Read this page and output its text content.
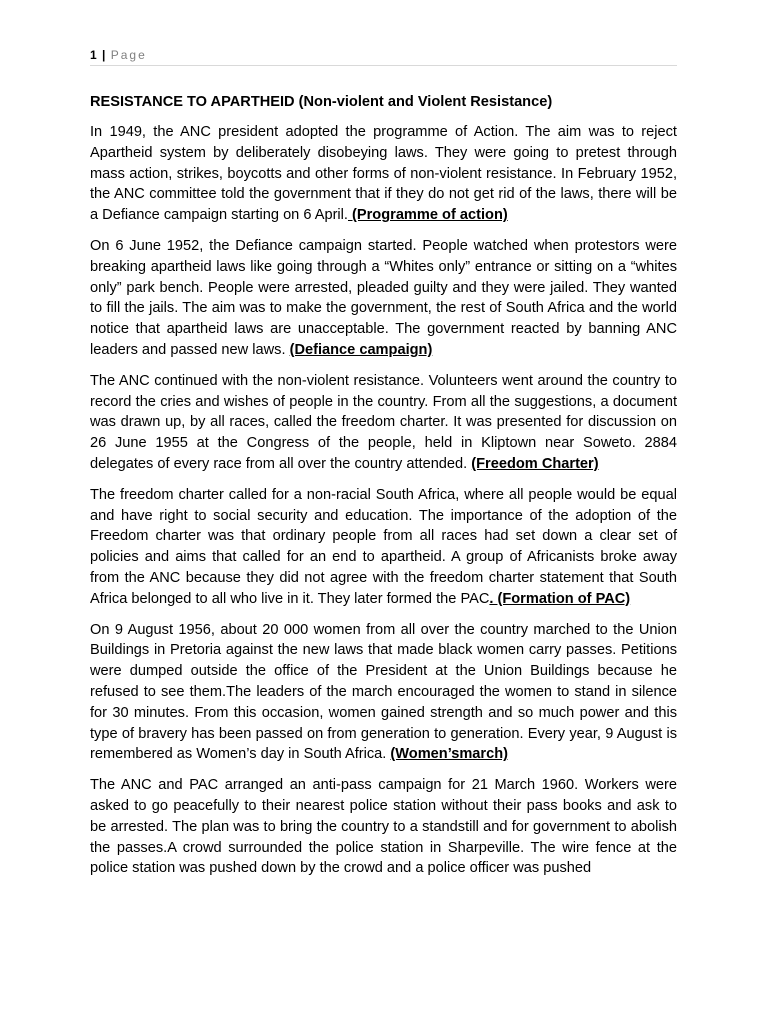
1 | Page
RESISTANCE TO APARTHEID (Non-violent and Violent Resistance)

In 1949, the ANC president adopted the programme of Action. The aim was to reject Apartheid system by deliberately disobeying laws. They were going to pretest through mass action, strikes, boycotts and other forms of non-violent resistance. In February 1952, the ANC committee told the government that if they do not get rid of the laws, there will be a Defiance campaign starting on 6 April. (Programme of action)

On 6 June 1952, the Defiance campaign started. People watched when protestors were breaking apartheid laws like going through a “Whites only” entrance or sitting on a “whites only” park bench. People were arrested, pleaded guilty and they were jailed. They wanted to fill the jails. The aim was to make the government, the rest of South Africa and the world notice that apartheid laws are unacceptable. The government reacted by banning ANC leaders and passed new laws. (Defiance campaign)

The ANC continued with the non-violent resistance. Volunteers went around the country to record the cries and wishes of people in the country. From all the suggestions, a document was drawn up, by all races, called the freedom charter. It was presented for discussion on 26 June 1955 at the Congress of the people, held in Kliptown near Soweto. 2884 delegates of every race from all over the country attended. (Freedom Charter)

The freedom charter called for a non-racial South Africa, where all people would be equal and have right to social security and education. The importance of the adoption of the Freedom charter was that ordinary people from all races had set down a clear set of policies and aims that called for an end to apartheid. A group of Africanists broke away from the ANC because they did not agree with the freedom charter statement that South Africa belonged to all who live in it. They later formed the PAC. (Formation of PAC)

On 9 August 1956, about 20 000 women from all over the country marched to the Union Buildings in Pretoria against the new laws that made black women carry passes. Petitions were dumped outside the office of the President at the Union Buildings because he refused to see them.The leaders of the march encouraged the women to stand in silence for 30 minutes. From this occasion, women gained strength and so much power and this type of bravery has been passed on from generation to generation. Every year, 9 August is remembered as Women’s day in South Africa. (Women’smarch)

The ANC and PAC arranged an anti-pass campaign for 21 March 1960. Workers were asked to go peacefully to their nearest police station without their pass books and ask to be arrested. The plan was to bring the country to a standstill and for government to abolish the passes.A crowd surrounded the police station in Sharpeville. The wire fence at the police station was pushed down by the crowd and a police officer was pushed
